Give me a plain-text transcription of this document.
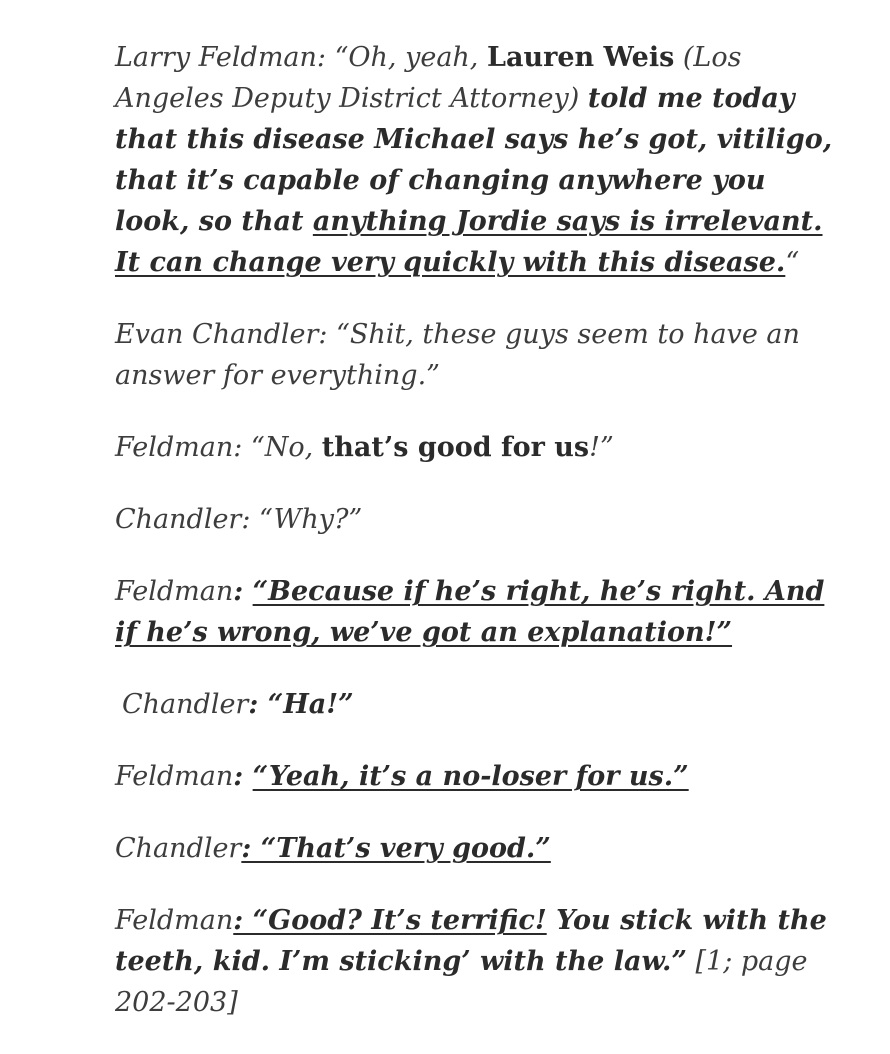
Larry Feldman: “Oh, yeah, Lauren Weis (Los Angeles Deputy District Attorney) told me today that this disease Michael says he’s got, vitiligo, that it’s capable of changing anywhere you look, so that anything Jordie says is irrelevant. It can change very quickly with this disease.“

Evan Chandler: “Shit, these guys seem to have an answer for everything.”

Feldman: “No, that’s good for us!”

Chandler: “Why?”

Feldman: “Because if he’s right, he’s right. And if he’s wrong, we’ve got an explanation!”

Chandler: “Ha!”

Feldman: “Yeah, it’s a no-loser for us.”

Chandler: “That’s very good.”

Feldman: “Good? It’s terrific! You stick with the teeth, kid. I’m sticking’ with the law.” [1; page 202-203]
